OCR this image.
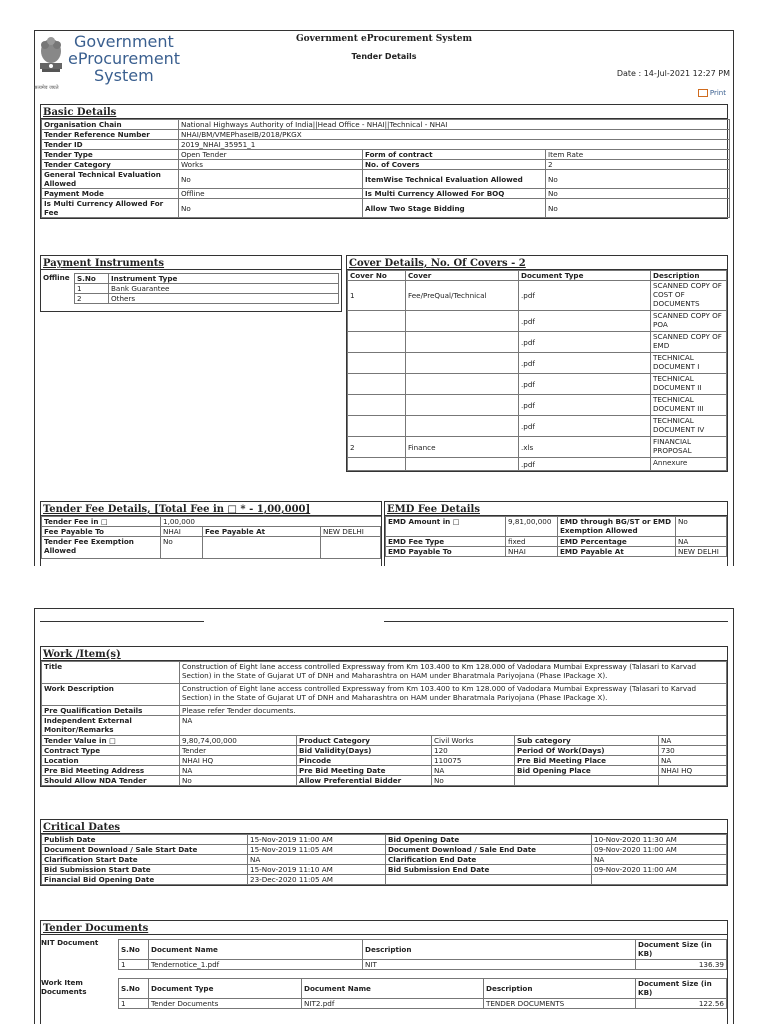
Government
eProcurement
System
सत्यमेव जयते
Government eProcurement System
Tender Details
Date : 14-Jul-2021 12:27 PM
Print
Basic Details
Organisation Chain	National Highways Authority of India||Head Office - NHAI||Technical - NHAI		
Tender Reference Number	NHAI/BM/VMEPhaseIB/2018/PKGX		
Tender ID	2019_NHAI_35951_1		
Tender Type	Open Tender	Form of contract	Item Rate
Tender Category	Works	No. of Covers	2
General Technical Evaluation Allowed	No	ItemWise Technical Evaluation Allowed	No
Payment Mode	Offline	Is Multi Currency Allowed For BOQ	No
Is Multi Currency Allowed For Fee	No	Allow Two Stage Bidding	No
Payment Instruments
Offline S.No	Instrument Type
1	Bank Guarantee
2	Others
Cover Details, No. Of Covers - 2
Cover No	Cover	Document Type	Description
1	Fee/PreQual/Technical	.pdf	SCANNED COPY OF COST OF DOCUMENTS
		.pdf	SCANNED COPY OF POA
		.pdf	SCANNED COPY OF EMD
		.pdf	TECHNICAL DOCUMENT I
		.pdf	TECHNICAL DOCUMENT II
		.pdf	TECHNICAL DOCUMENT III
		.pdf	TECHNICAL DOCUMENT IV
2	Finance	.xls	FINANCIAL PROPOSAL
		.pdf	Annexure
Tender Fee Details, [Total Fee in □ * - 1,00,000]
Tender Fee in □	1,00,000		
Fee Payable To	NHAI	Fee Payable At	NEW DELHI
Tender Fee Exemption Allowed	No		
EMD Fee Details
EMD Amount in □	9,81,00,000	EMD through BG/ST or EMD Exemption Allowed	No
EMD Fee Type	fixed	EMD Percentage	NA
EMD Payable To	NHAI	EMD Payable At	NEW DELHI
Work /Item(s)
Title	Construction of Eight lane access controlled Expressway from Km 103.400 to Km 128.000 of Vadodara Mumbai Expressway (Talasari to Karvad Section) in the State of Gujarat UT of DNH and Maharashtra on HAM under Bharatmala Pariyojana (Phase IPackage X).				
Work Description	Construction of Eight lane access controlled Expressway from Km 103.400 to Km 128.000 of Vadodara Mumbai Expressway (Talasari to Karvad Section) in the State of Gujarat UT of DNH and Maharashtra on HAM under Bharatmala Pariyojana (Phase IPackage X).				
Pre Qualification Details	Please refer Tender documents.				
Independent External Monitor/Remarks	NA				
Tender Value in □	9,80,74,00,000	Product Category	Civil Works	Sub category	NA
Contract Type	Tender	Bid Validity(Days)	120	Period Of Work(Days)	730
Location	NHAI HQ	Pincode	110075	Pre Bid Meeting Place	NA
Pre Bid Meeting Address	NA	Pre Bid Meeting Date	NA	Bid Opening Place	NHAI HQ
Should Allow NDA Tender	No	Allow Preferential Bidder	No		
Critical Dates
Publish Date	15-Nov-2019 11:00 AM	Bid Opening Date	10-Nov-2020 11:30 AM
Document Download / Sale Start Date	15-Nov-2019 11:05 AM	Document Download / Sale End Date	09-Nov-2020 11:00 AM
Clarification Start Date	NA	Clarification End Date	NA
Bid Submission Start Date	15-Nov-2019 11:10 AM	Bid Submission End Date	09-Nov-2020 11:00 AM
Financial Bid Opening Date	23-Dec-2020 11:05 AM		
Tender Documents
NIT Document
S.No	Document Name	Description	Document Size (in KB)
1	Tendernotice_1.pdf	NIT	136.39
Work Item Documents	S.No	Document Type	Document Name	Description	Document Size (in KB)
1	Tender Documents	NIT2.pdf	TENDER DOCUMENTS	122.56
